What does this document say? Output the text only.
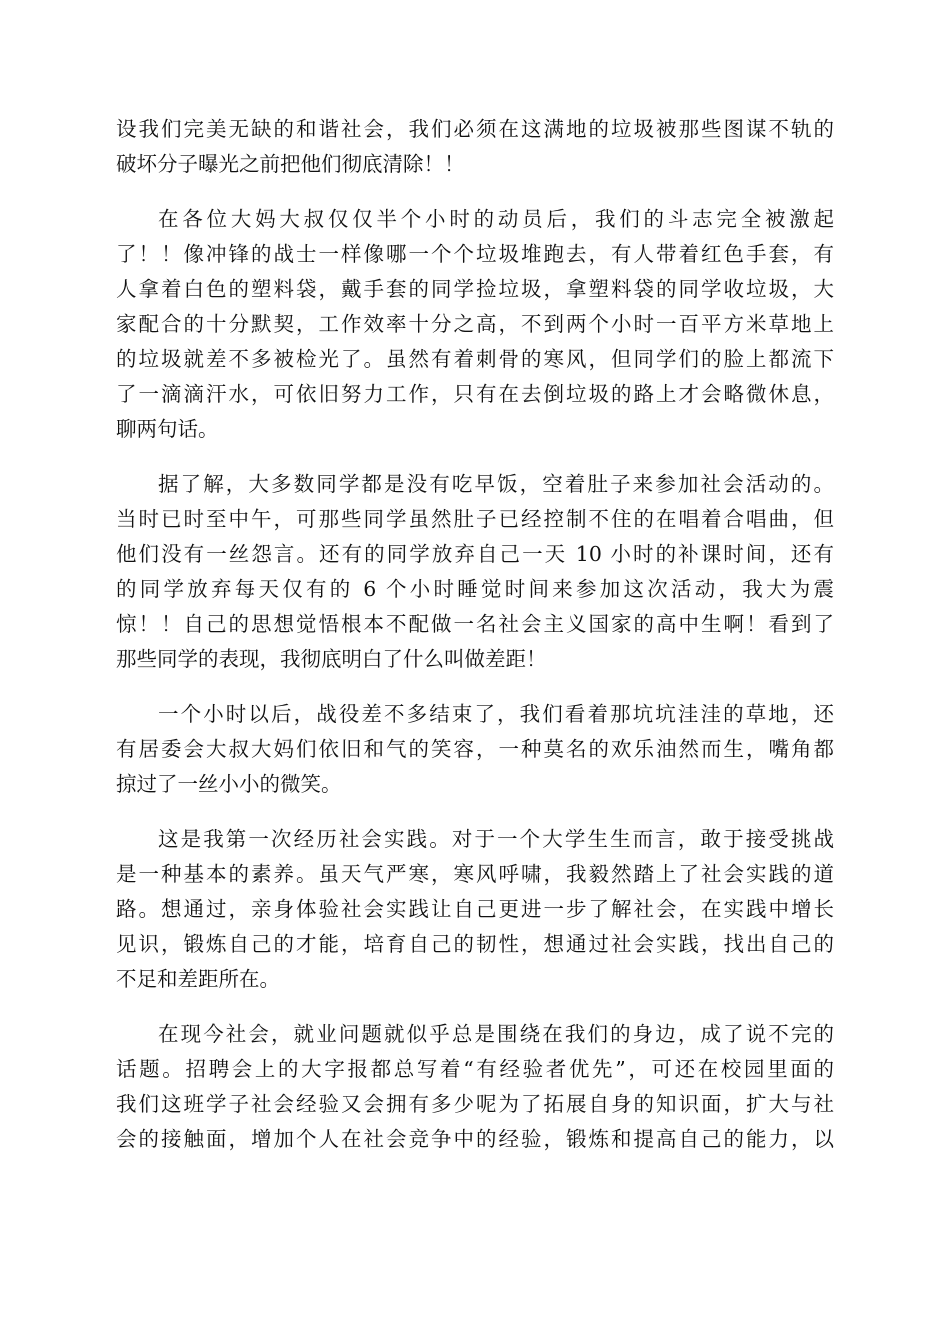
设我们完美无缺的和谐社会，我们必须在这满地的垃圾被那些图谋不轨的
破坏分子曝光之前把他们彻底清除！！
在各位大妈大叔仅仅半个小时的动员后，我们的斗志完全被激起
了！！像冲锋的战士一样像哪一个个垃圾堆跑去，有人带着红色手套，有
人拿着白色的塑料袋，戴手套的同学捡垃圾，拿塑料袋的同学收垃圾，大
家配合的十分默契，工作效率十分之高，不到两个小时一百平方米草地上
的垃圾就差不多被检光了。虽然有着刺骨的寒风，但同学们的脸上都流下
了一滴滴汗水，可依旧努力工作，只有在去倒垃圾的路上才会略微休息，
聊两句话。
据了解，大多数同学都是没有吃早饭，空着肚子来参加社会活动的。
当时已时至中午，可那些同学虽然肚子已经控制不住的在唱着合唱曲，但
他们没有一丝怨言。还有的同学放弃自己一天 10 小时的补课时间，还有
的同学放弃每天仅有的 6 个小时睡觉时间来参加这次活动，我大为震
惊！！自己的思想觉悟根本不配做一名社会主义国家的高中生啊！看到了
那些同学的表现，我彻底明白了什么叫做差距！
一个小时以后，战役差不多结束了，我们看着那坑坑洼洼的草地，还
有居委会大叔大妈们依旧和气的笑容，一种莫名的欢乐油然而生，嘴角都
掠过了一丝小小的微笑。
这是我第一次经历社会实践。对于一个大学生生而言，敢于接受挑战
是一种基本的素养。虽天气严寒，寒风呼啸，我毅然踏上了社会实践的道
路。想通过，亲身体验社会实践让自己更进一步了解社会，在实践中增长
见识，锻炼自己的才能，培育自己的韧性，想通过社会实践，找出自己的
不足和差距所在。
在现今社会，就业问题就似乎总是围绕在我们的身边，成了说不完的
话题。招聘会上的大字报都总写着“有经验者优先”，可还在校园里面的
我们这班学子社会经验又会拥有多少呢为了拓展自身的知识面，扩大与社
会的接触面，增加个人在社会竞争中的经验，锻炼和提高自己的能力，以
